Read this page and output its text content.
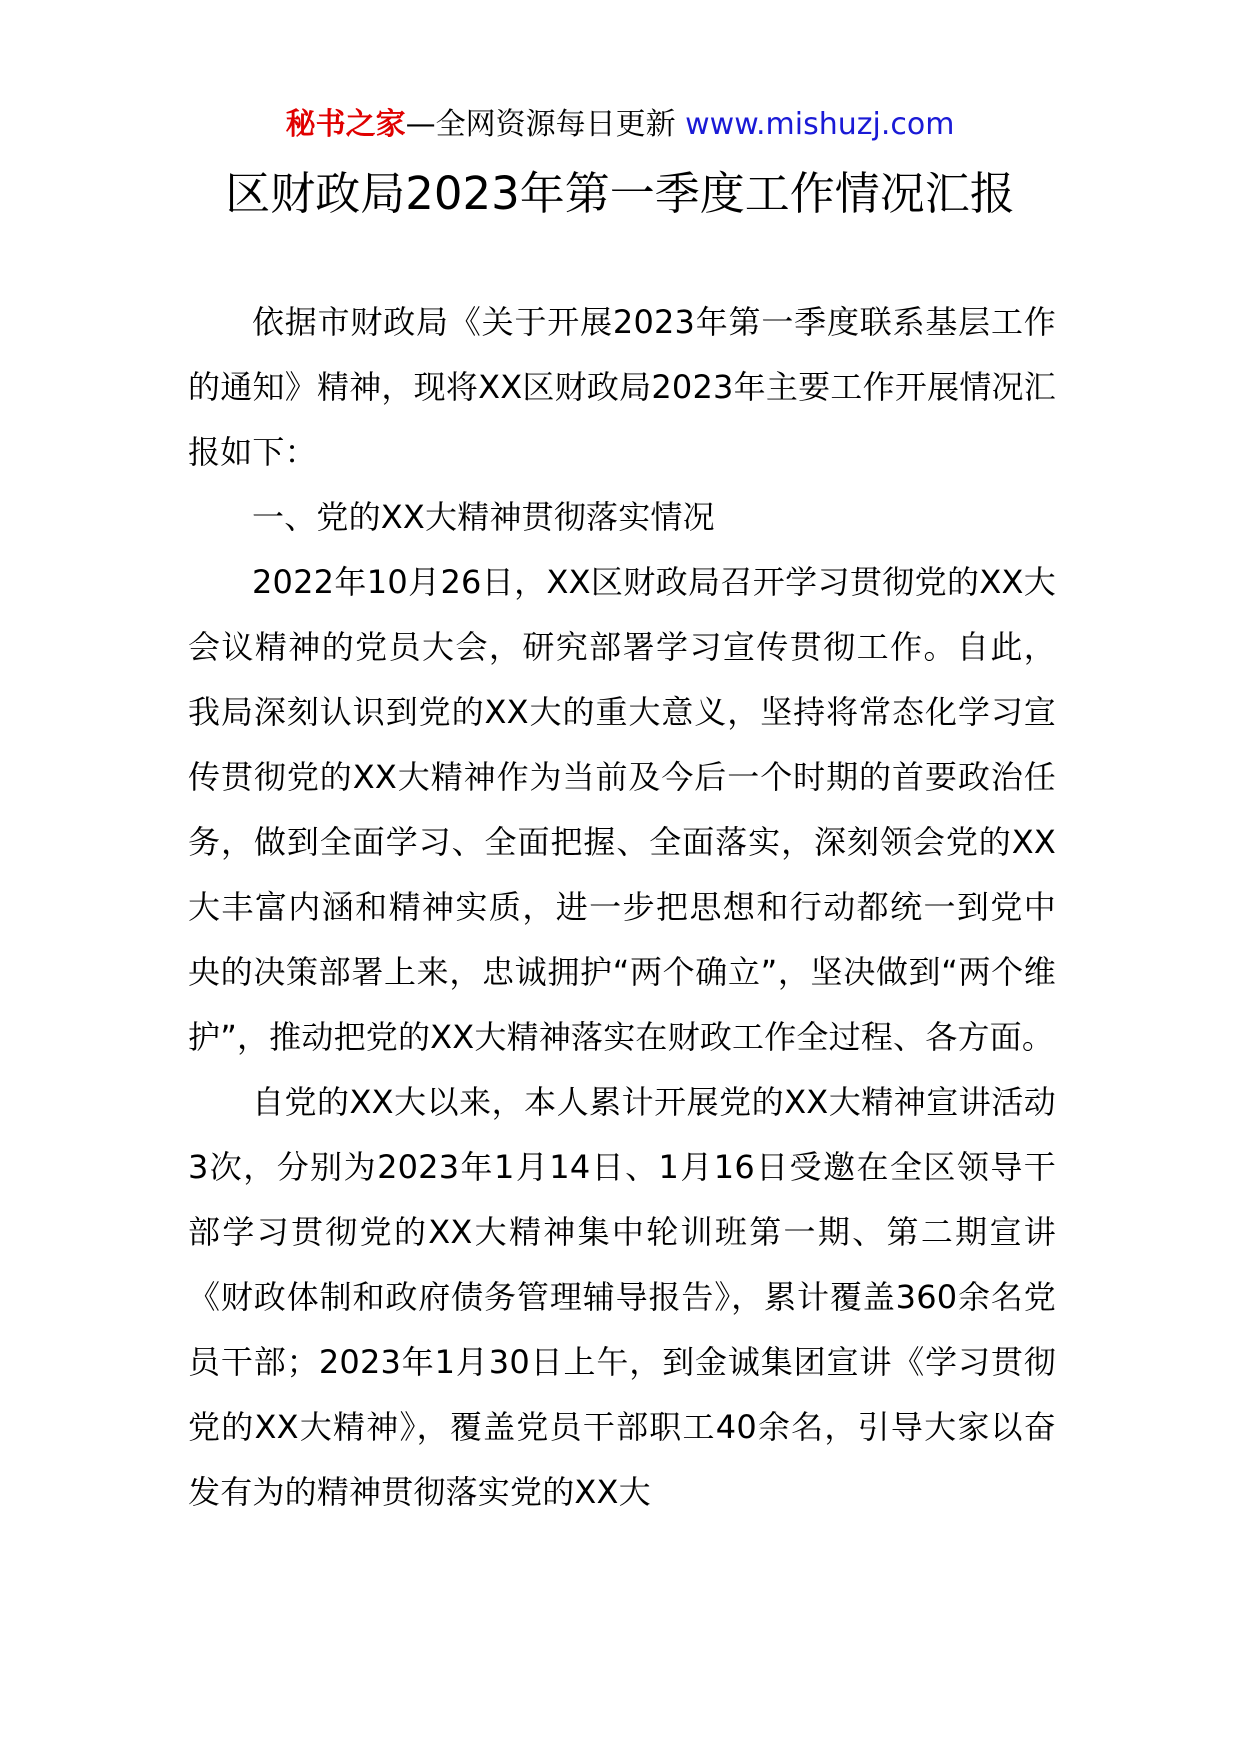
秘书之家—全网资源每日更新 www.mishuzj.com
区财政局2023年第一季度工作情况汇报

依据市财政局《关于开展2023年第一季度联系基层工作的通知》精神，现将XX区财政局2023年主要工作开展情况汇报如下：

一、党的XX大精神贯彻落实情况

2022年10月26日，XX区财政局召开学习贯彻党的XX大会议精神的党员大会，研究部署学习宣传贯彻工作。自此，我局深刻认识到党的XX大的重大意义，坚持将常态化学习宣传贯彻党的XX大精神作为当前及今后一个时期的首要政治任务，做到全面学习、全面把握、全面落实，深刻领会党的XX大丰富内涵和精神实质，进一步把思想和行动都统一到党中央的决策部署上来，忠诚拥护“两个确立”，坚决做到“两个维护”，推动把党的XX大精神落实在财政工作全过程、各方面。

自党的XX大以来，本人累计开展党的XX大精神宣讲活动3次，分别为2023年1月14日、1月16日受邀在全区领导干部学习贯彻党的XX大精神集中轮训班第一期、第二期宣讲《财政体制和政府债务管理辅导报告》，累计覆盖360余名党员干部；2023年1月30日上午，到金诚集团宣讲《学习贯彻党的XX大精神》，覆盖党员干部职工40余名，引导大家以奋发有为的精神贯彻落实党的XX大
